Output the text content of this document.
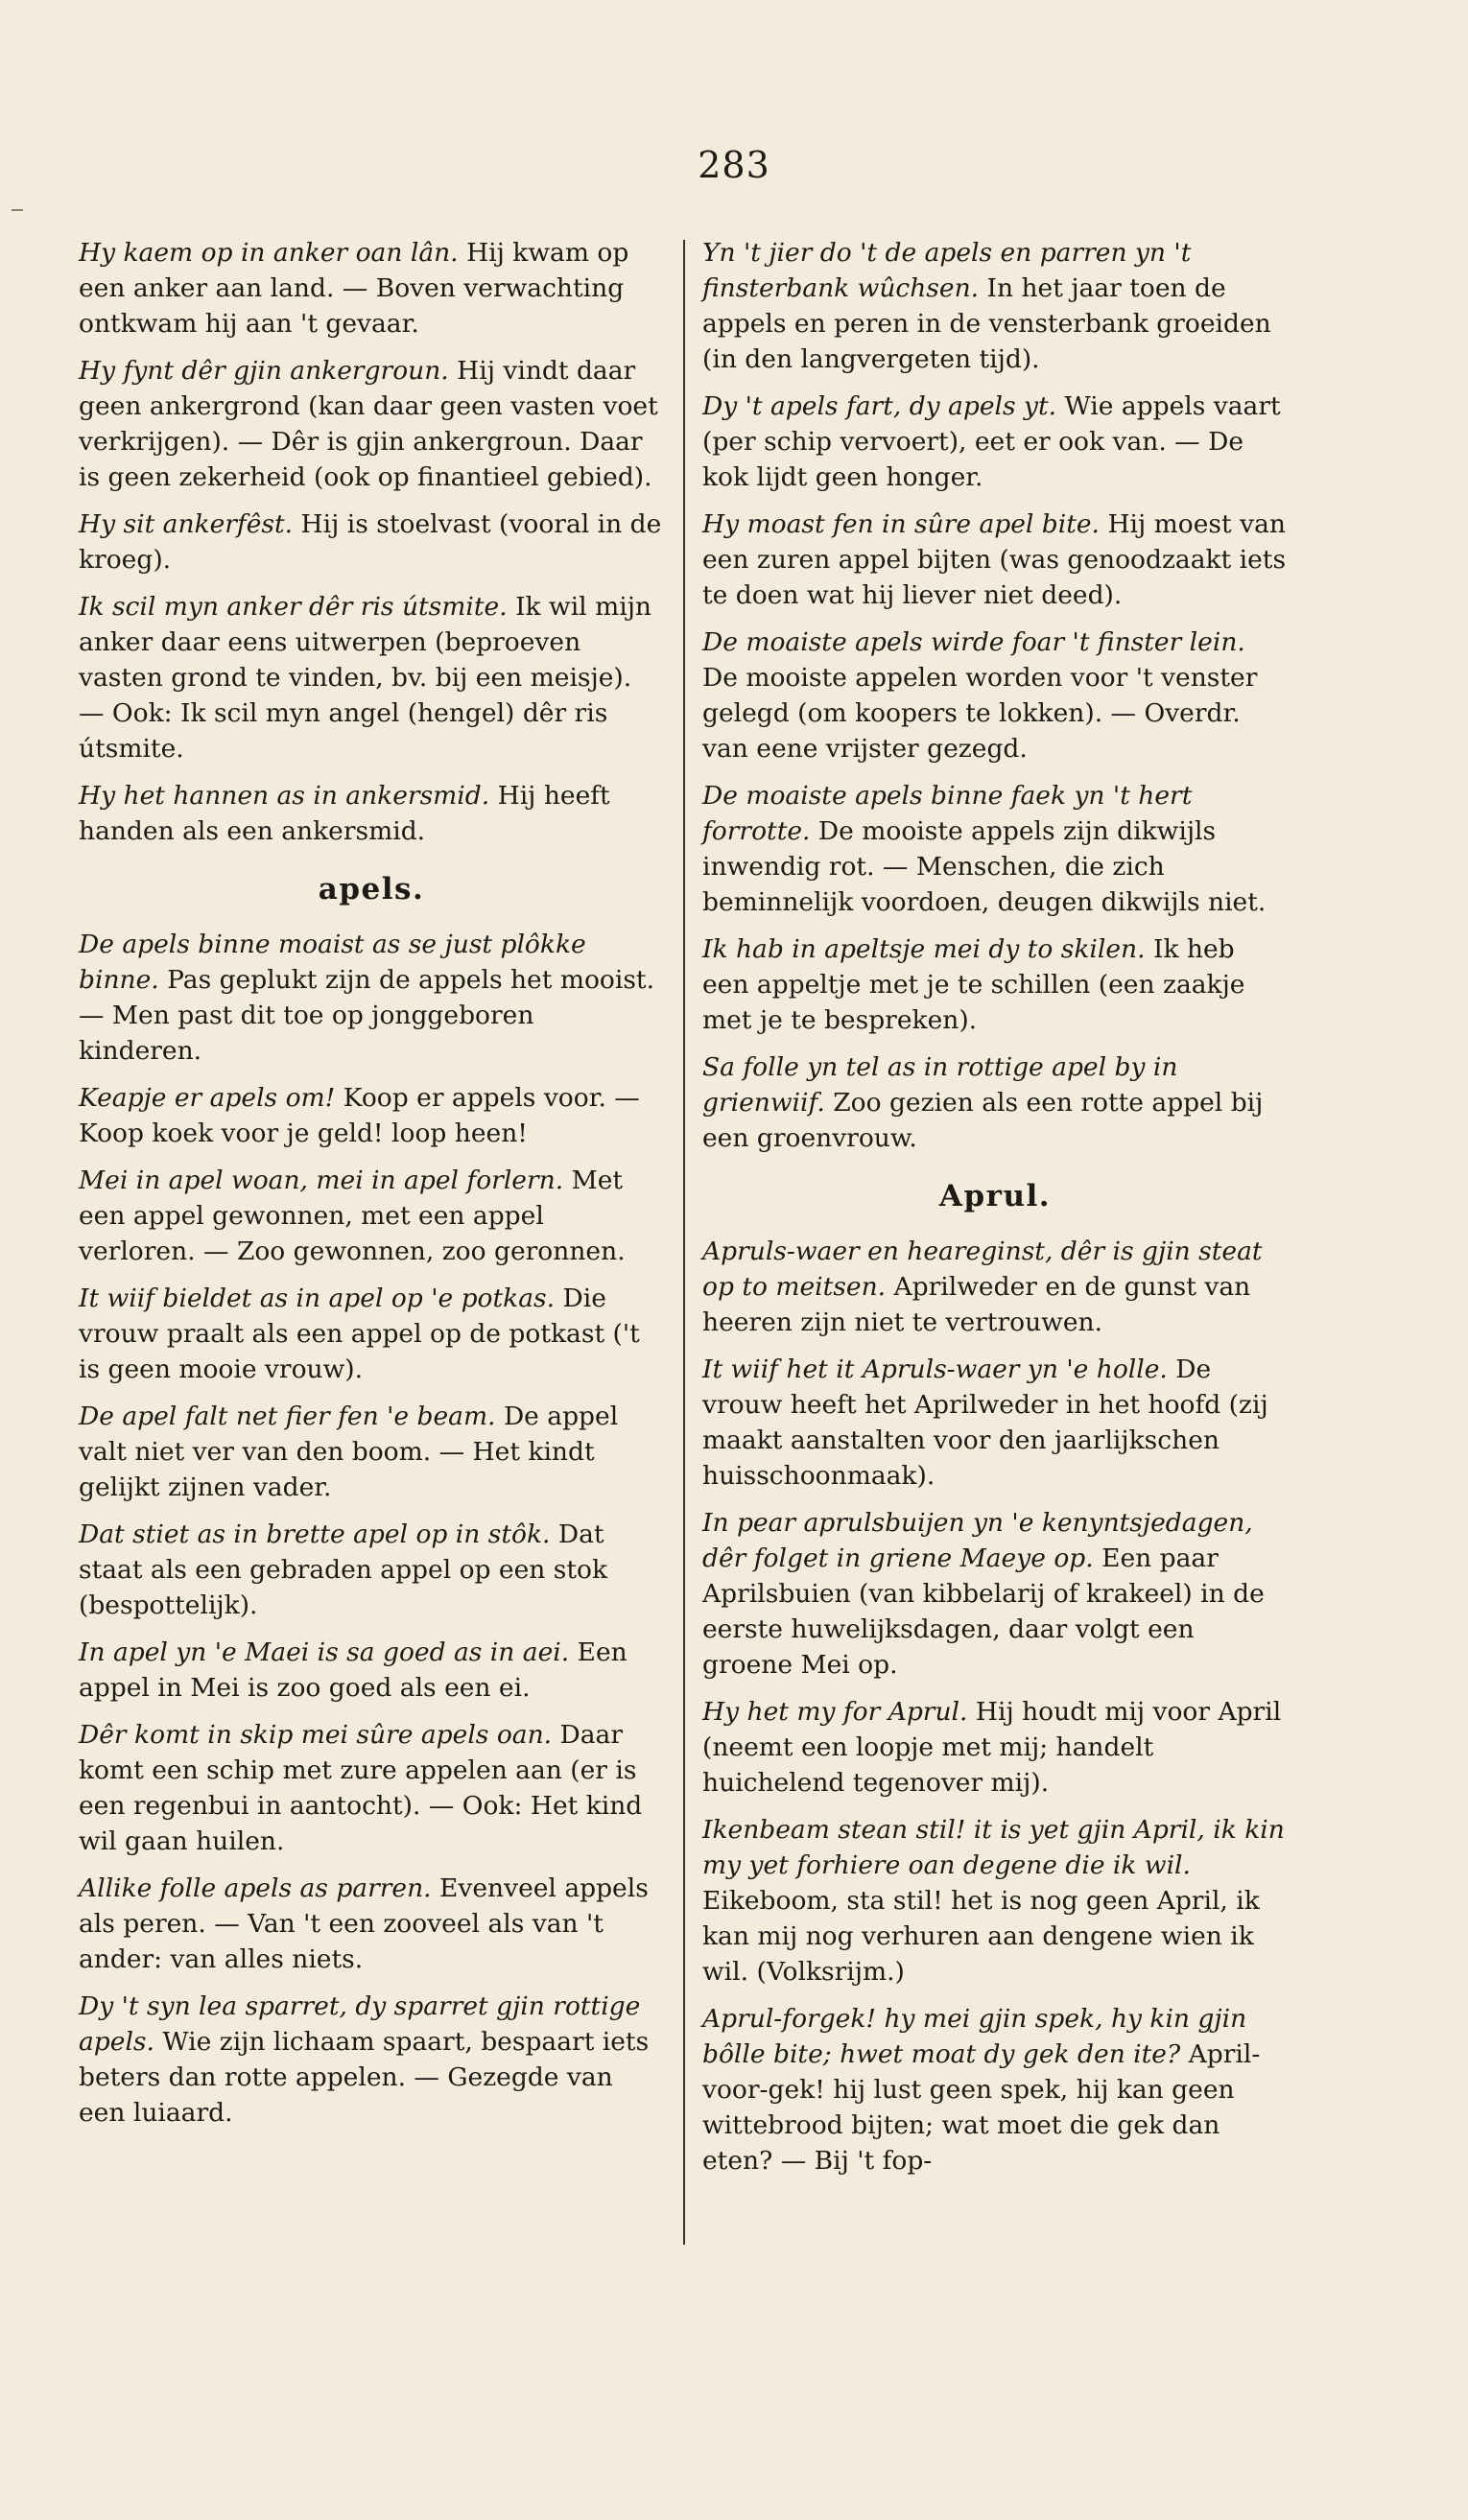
283
Hy kaem op in anker oan lân. Hij kwam op een anker aan land. — Boven verwachting ontkwam hij aan 't gevaar.
Hy fynt dêr gjin ankergroun. Hij vindt daar geen ankergrond (kan daar geen vasten voet verkrijgen). — Dêr is gjin ankergroun. Daar is geen zekerheid (ook op finantieel gebied).
Hy sit ankerfêst. Hij is stoelvast (vooral in de kroeg).
Ik scil myn anker dêr ris útsmite. Ik wil mijn anker daar eens uitwerpen (beproeven vasten grond te vinden, bv. bij een meisje). — Ook: Ik scil myn angel (hengel) dêr ris útsmite.
Hy het hannen as in ankersmid. Hij heeft handen als een ankersmid.
apels.
De apels binne moaist as se just plôkke binne. Pas geplukt zijn de appels het mooist. — Men past dit toe op jonggeboren kinderen.
Keapje er apels om! Koop er appels voor. — Koop koek voor je geld! loop heen!
Mei in apel woan, mei in apel forlern. Met een appel gewonnen, met een appel verloren. — Zoo gewonnen, zoo geronnen.
It wiif bieldet as in apel op 'e potkas. Die vrouw praalt als een appel op de potkast ('t is geen mooie vrouw).
De apel falt net fier fen 'e beam. De appel valt niet ver van den boom. — Het kindt gelijkt zijnen vader.
Dat stiet as in brette apel op in stôk. Dat staat als een gebraden appel op een stok (bespottelijk).
In apel yn 'e Maei is sa goed as in aei. Een appel in Mei is zoo goed als een ei.
Dêr komt in skip mei sûre apels oan. Daar komt een schip met zure appelen aan (er is een regenbui in aantocht). — Ook: Het kind wil gaan huilen.
Allike folle apels as parren. Evenveel appels als peren. — Van 't een zooveel als van 't ander: van alles niets.
Dy 't syn lea sparret, dy sparret gjin rottige apels. Wie zijn lichaam spaart, bespaart iets beters dan rotte appelen. — Gezegde van een luiaard.
Yn 't jier do 't de apels en parren yn 't finsterbank wûchsen. In het jaar toen de appels en peren in de vensterbank groeiden (in den langvergeten tijd).
Dy 't apels fart, dy apels yt. Wie appels vaart (per schip vervoert), eet er ook van. — De kok lijdt geen honger.
Hy moast fen in sûre apel bite. Hij moest van een zuren appel bijten (was genoodzaakt iets te doen wat hij liever niet deed).
De moaiste apels wirde foar 't finster lein. De mooiste appelen worden voor 't venster gelegd (om koopers te lokken). — Overdr. van eene vrijster gezegd.
De moaiste apels binne faek yn 't hert forrotte. De mooiste appels zijn dikwijls inwendig rot. — Menschen, die zich beminnelijk voordoen, deugen dikwijls niet.
Ik hab in apeltsje mei dy to skilen. Ik heb een appeltje met je te schillen (een zaakje met je te bespreken).
Sa folle yn tel as in rottige apel by in grienwiif. Zoo gezien als een rotte appel bij een groenvrouw.
Aprul.
Apruls-waer en heareginst, dêr is gjin steat op to meitsen. Aprilweder en de gunst van heeren zijn niet te vertrouwen.
It wiif het it Apruls-waer yn 'e holle. De vrouw heeft het Aprilweder in het hoofd (zij maakt aanstalten voor den jaarlijkschen huisschoonmaak).
In pear aprulsbuijen yn 'e kenyntsjedagen, dêr folget in griene Maeye op. Een paar Aprilsbuien (van kibbelarij of krakeel) in de eerste huwelijksdagen, daar volgt een groene Mei op.
Hy het my for Aprul. Hij houdt mij voor April (neemt een loopje met mij; handelt huichelend tegenover mij).
Ikenbeam stean stil! it is yet gjin April, ik kin my yet forhiere oan degene die ik wil. Eikeboom, sta stil! het is nog geen April, ik kan mij nog verhuren aan dengene wien ik wil. (Volksrijm.)
Aprul-forgek! hy mei gjin spek, hy kin gjin bôlle bite; hwet moat dy gek den ite? April-voor-gek! hij lust geen spek, hij kan geen wittebrood bijten; wat moet die gek dan eten? — Bij 't fop-
